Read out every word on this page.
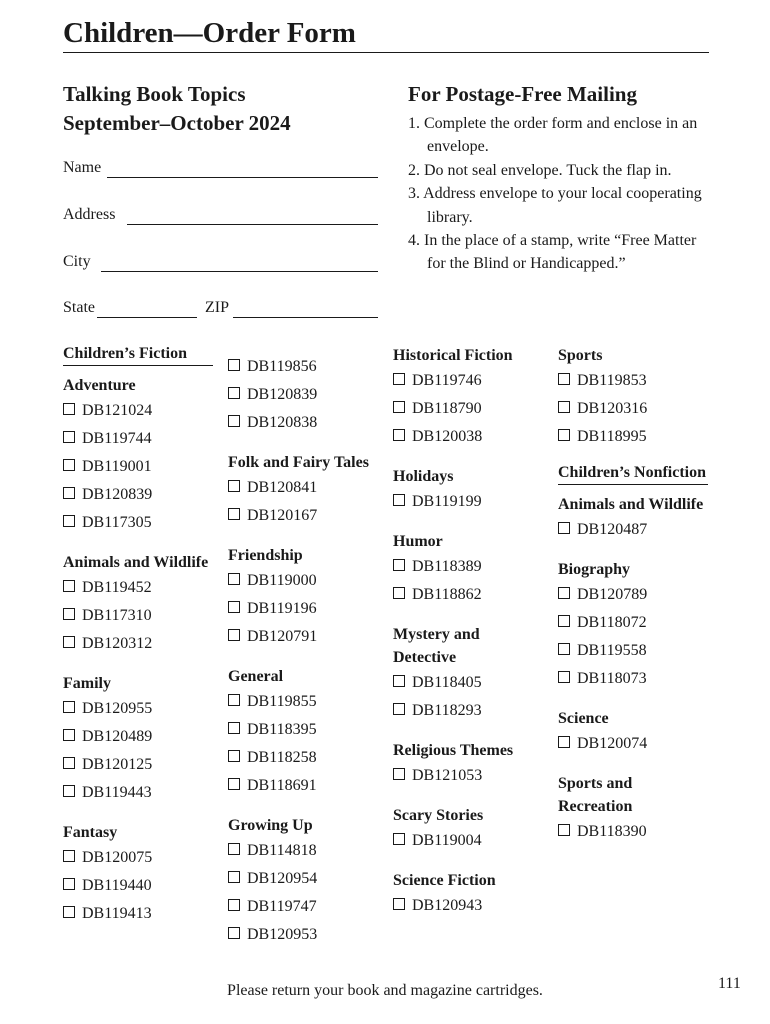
Children—Order Form
Talking Book Topics
September–October 2024
Name
Address
City
State	ZIP
For Postage-Free Mailing
1. Complete the order form and enclose in an envelope.
2. Do not seal envelope. Tuck the flap in.
3. Address envelope to your local cooperating library.
4. In the place of a stamp, write “Free Matter for the Blind or Handicapped.”
Children’s Fiction
Adventure
DB121024
DB119744
DB119001
DB120839
DB117305
Animals and Wildlife
DB119452
DB117310
DB120312
Family
DB120955
DB120489
DB120125
DB119443
Fantasy
DB120075
DB119440
DB119413
DB119856
DB120839
DB120838
Folk and Fairy Tales
DB120841
DB120167
Friendship
DB119000
DB119196
DB120791
General
DB119855
DB118395
DB118258
DB118691
Growing Up
DB114818
DB120954
DB119747
DB120953
Historical Fiction
DB119746
DB118790
DB120038
Holidays
DB119199
Humor
DB118389
DB118862
Mystery and Detective
DB118405
DB118293
Religious Themes
DB121053
Scary Stories
DB119004
Science Fiction
DB120943
Sports
DB119853
DB120316
DB118995
Children’s Nonfiction
Animals and Wildlife
DB120487
Biography
DB120789
DB118072
DB119558
DB118073
Science
DB120074
Sports and Recreation
DB118390
Please return your book and magazine cartridges.	111
